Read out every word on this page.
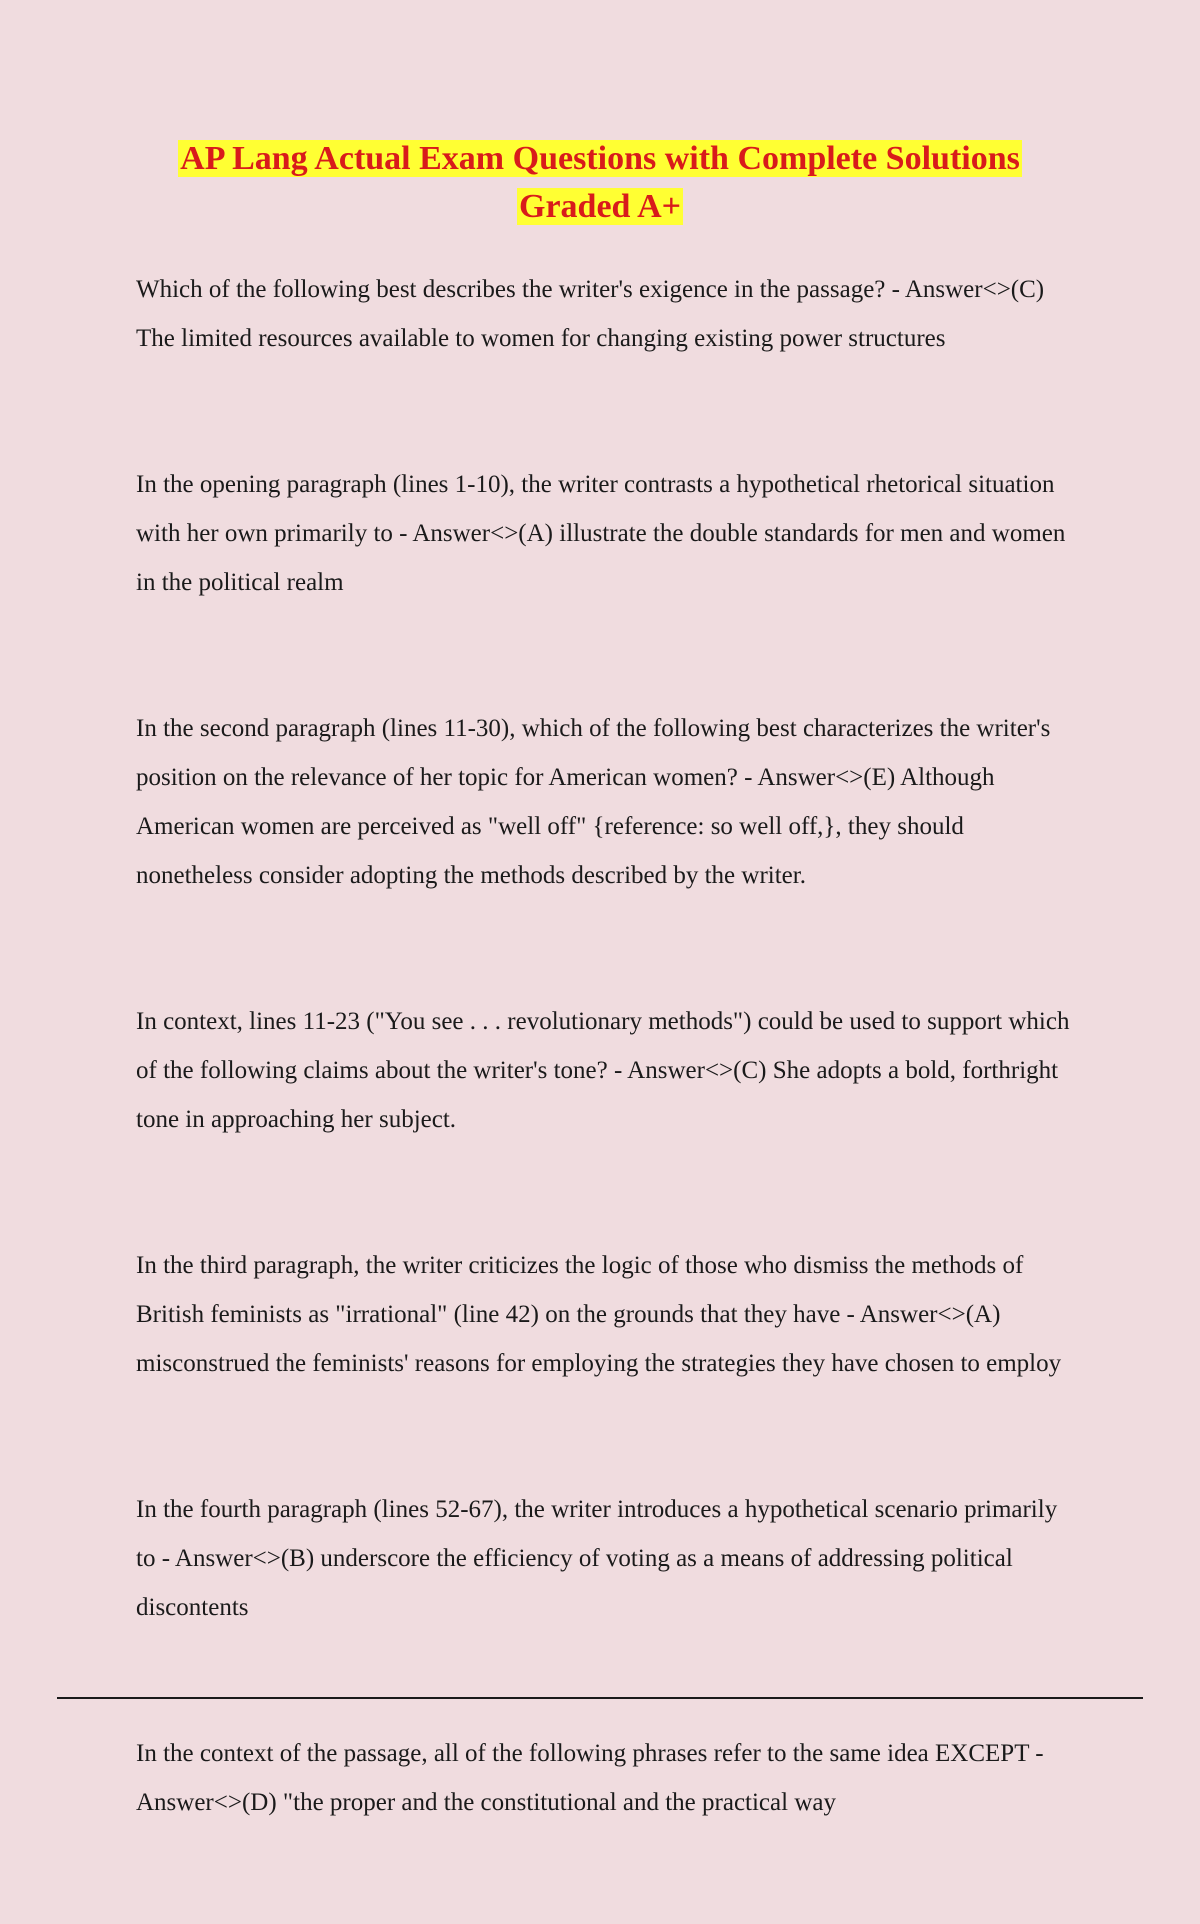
AP Lang Actual Exam Questions with Complete Solutions
Graded A+

Which of the following best describes the writer's exigence in the passage? - Answer<>(C) The limited resources available to women for changing existing power structures

In the opening paragraph (lines 1-10), the writer contrasts a hypothetical rhetorical situation with her own primarily to - Answer<>(A) illustrate the double standards for men and women in the political realm

In the second paragraph (lines 11-30), which of the following best characterizes the writer's position on the relevance of her topic for American women? - Answer<>(E) Although American women are perceived as "well off" {reference: so well off,}, they should nonetheless consider adopting the methods described by the writer.

In context, lines 11-23 ("You see . . . revolutionary methods") could be used to support which of the following claims about the writer's tone? - Answer<>(C) She adopts a bold, forthright tone in approaching her subject.

In the third paragraph, the writer criticizes the logic of those who dismiss the methods of British feminists as "irrational" (line 42) on the grounds that they have - Answer<>(A) misconstrued the feminists' reasons for employing the strategies they have chosen to employ

In the fourth paragraph (lines 52-67), the writer introduces a hypothetical scenario primarily to - Answer<>(B) underscore the efficiency of voting as a means of addressing political discontents

In the context of the passage, all of the following phrases refer to the same idea EXCEPT - Answer<>(D) "the proper and the constitutional and the practical way
